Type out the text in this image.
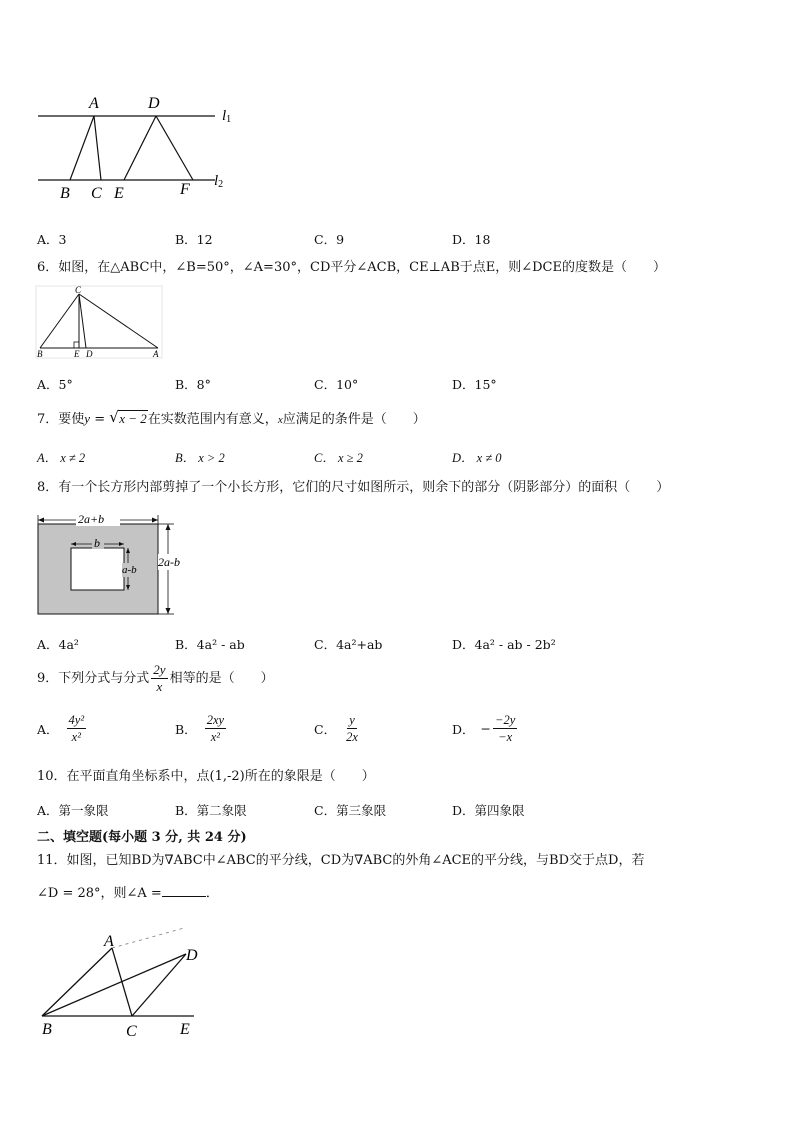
A	D
B C E	F
l1
l2
A．3	B．12	C．9	D．18
6．如图，在△ABC中，∠B=50°，∠A=30°，CD平分∠ACB，CE⊥AB于点E，则∠DCE的度数是（　　）
C
B	E D	A
A．5°	B．8°	C．10°	D．15°
7．要使y = √ x − 2在实数范围内有意义，x应满足的条件是（　　）
A． x ≠ 2	B． x > 2	C． x ≥ 2	D． x ≠ 0
8．有一个长方形内部剪掉了一个小长方形，它们的尺寸如图所示，则余下的部分（阴影部分）的面积（　　）
2a+b
b
a-b
2a-b
A．4a²	B．4a² - ab	C．4a²+ab	D．4a² - ab - 2b²
9．下列分式与分式 $\frac{2y}{x}$ 相等的是（　　）
A． $\frac{\text{4y²}}{\text{x²}}$	B． $\frac{2xy}{\text{x²}}$	C． $\frac{y}{2x}$	D． − $\frac{-2y}{-x}$
10．在平面直角坐标系中，点(1,-2)所在的象限是（　　）
A．第一象限	B．第二象限	C．第三象限	D．第四象限
二、填空题(每小题 3 分, 共 24 分)
11．如图，已知BD为∇ABC中∠ABC的平分线，CD为∇ABC的外角∠ACE的平分线，与BD交于点D，若
∠D = 28°，则∠A =	．
A
D
B	C	E
